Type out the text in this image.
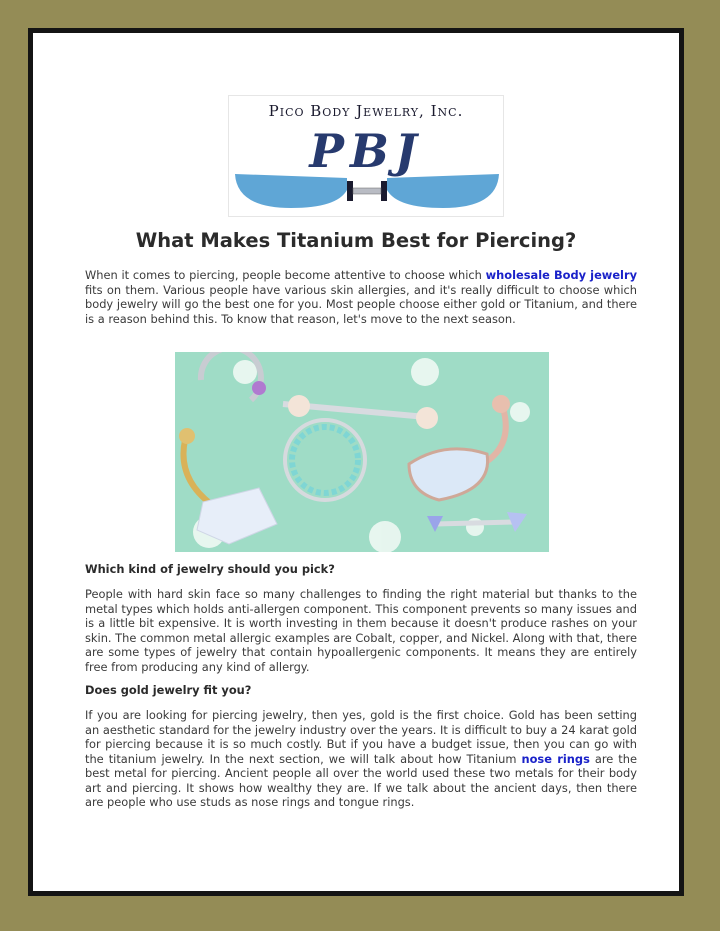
Pico Body Jewelry, Inc.
PBJ
What Makes Titanium Best for Piercing?

When it comes to piercing, people become attentive to choose which wholesale Body jewelry fits on them. Various people have various skin allergies, and it's really difficult to choose which body jewelry will go the best one for you. Most people choose either gold or Titanium, and there is a reason behind this. To know that reason, let's move to the next season.

Which kind of jewelry should you pick?

People with hard skin face so many challenges to finding the right material but thanks to the metal types which holds anti-allergen component. This component prevents so many issues and is a little bit expensive. It is worth investing in them because it doesn't produce rashes on your skin. The common metal allergic examples are Cobalt, copper, and Nickel. Along with that, there are some types of jewelry that contain hypoallergenic components. It means they are entirely free from producing any kind of allergy.

Does gold jewelry fit you?

If you are looking for piercing jewelry, then yes, gold is the first choice. Gold has been setting an aesthetic standard for the jewelry industry over the years. It is difficult to buy a 24 karat gold for piercing because it is so much costly. But if you have a budget issue, then you can go with the titanium jewelry. In the next section, we will talk about how Titanium nose rings are the best metal for piercing. Ancient people all over the world used these two metals for their body art and piercing. It shows how wealthy they are. If we talk about the ancient days, then there are people who use studs as nose rings and tongue rings.
